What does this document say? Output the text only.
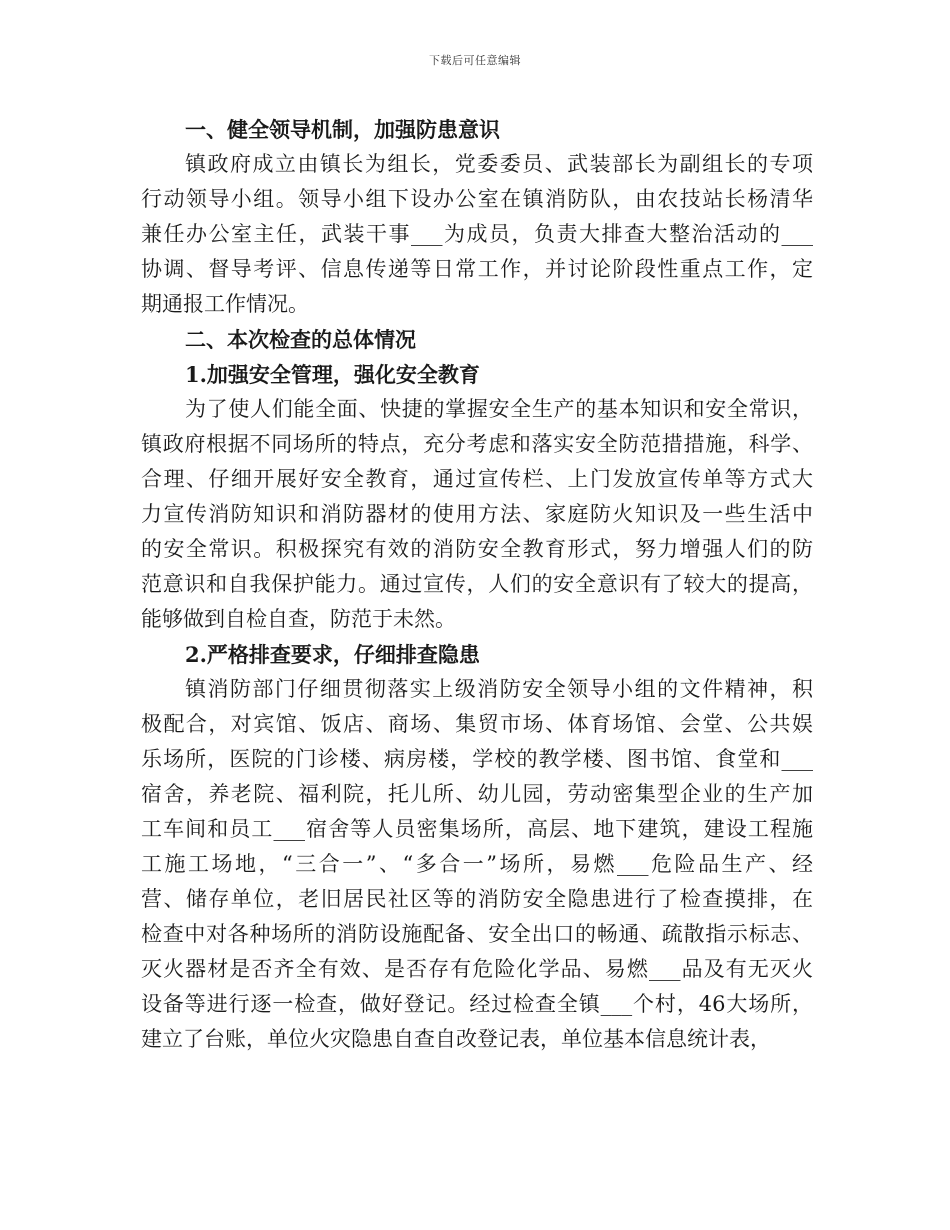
下载后可任意编辑
一、健全领导机制，加强防患意识
镇政府成立由镇长为组长，党委委员、武装部长为副组长的专项
行动领导小组。领导小组下设办公室在镇消防队，由农技站长杨清华
兼任办公室主任，武装干事___为成员，负责大排查大整治活动的___
协调、督导考评、信息传递等日常工作，并讨论阶段性重点工作，定
期通报工作情况。
二、本次检查的总体情况
1.加强安全管理，强化安全教育
为了使人们能全面、快捷的掌握安全生产的基本知识和安全常识，
镇政府根据不同场所的特点，充分考虑和落实安全防范措措施，科学、
合理、仔细开展好安全教育，通过宣传栏、上门发放宣传单等方式大
力宣传消防知识和消防器材的使用方法、家庭防火知识及一些生活中
的安全常识。积极探究有效的消防安全教育形式，努力增强人们的防
范意识和自我保护能力。通过宣传，人们的安全意识有了较大的提高，
能够做到自检自查，防范于未然。
2.严格排查要求，仔细排查隐患
镇消防部门仔细贯彻落实上级消防安全领导小组的文件精神，积
极配合，对宾馆、饭店、商场、集贸市场、体育场馆、会堂、公共娱
乐场所，医院的门诊楼、病房楼，学校的教学楼、图书馆、食堂和___
宿舍，养老院、福利院，托儿所、幼儿园，劳动密集型企业的生产加
工车间和员工___宿舍等人员密集场所，高层、地下建筑，建设工程施
工施工场地，“三合一”、“多合一”场所，易燃___危险品生产、经
营、储存单位，老旧居民社区等的消防安全隐患进行了检查摸排，在
检查中对各种场所的消防设施配备、安全出口的畅通、疏散指示标志、
灭火器材是否齐全有效、是否存有危险化学品、易燃___品及有无灭火
设备等进行逐一检查，做好登记。经过检查全镇___个村，46大场所，
建立了台账，单位火灾隐患自查自改登记表，单位基本信息统计表，
